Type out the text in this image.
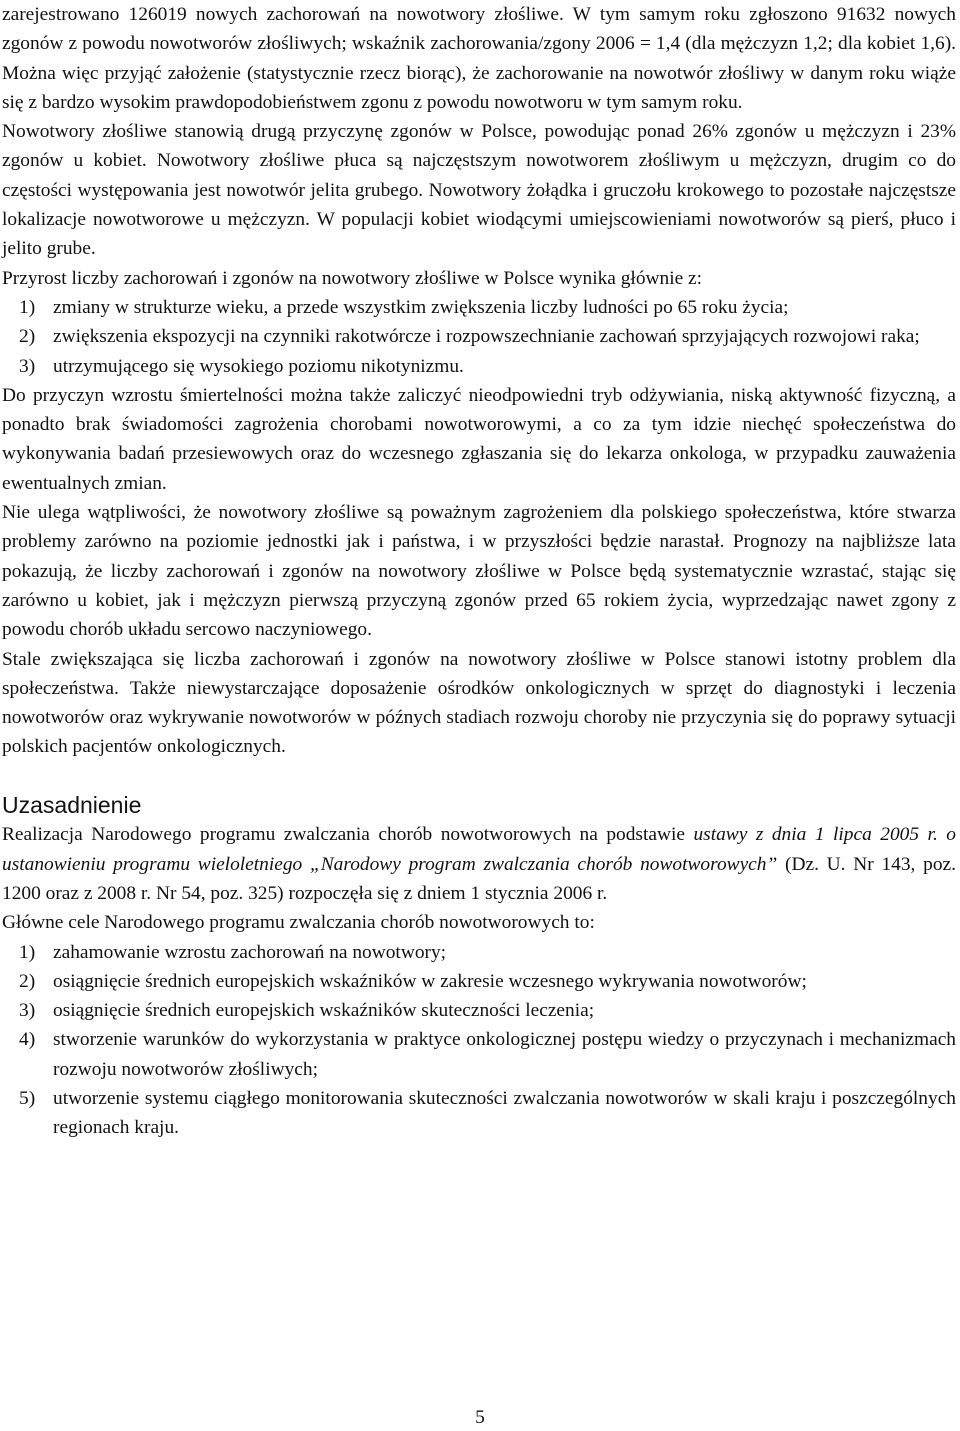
zarejestrowano 126019 nowych zachorowań na nowotwory złośliwe. W tym samym roku zgłoszono 91632 nowych zgonów z powodu nowotworów złośliwych; wskaźnik zachorowania/zgony 2006 = 1,4 (dla mężczyzn 1,2; dla kobiet 1,6). Można więc przyjąć założenie (statystycznie rzecz biorąc), że zachorowanie na nowotwór złośliwy w danym roku wiąże się z bardzo wysokim prawdopodobieństwem zgonu z powodu nowotworu w tym samym roku.

Nowotwory złośliwe stanowią drugą przyczynę zgonów w Polsce, powodując ponad 26% zgonów u mężczyzn i 23% zgonów u kobiet. Nowotwory złośliwe płuca są najczęstszym nowotworem złośliwym u mężczyzn, drugim co do częstości występowania jest nowotwór jelita grubego. Nowotwory żołądka i gruczołu krokowego to pozostałe najczęstsze lokalizacje nowotworowe u mężczyzn. W populacji kobiet wiodącymi umiejscowieniami nowotworów są pierś, płuco i jelito grube.

Przyrost liczby zachorowań i zgonów na nowotwory złośliwe w Polsce wynika głównie z:

1) zmiany w strukturze wieku, a przede wszystkim zwiększenia liczby ludności po 65 roku życia;
2) zwiększenia ekspozycji na czynniki rakotwórcze i rozpowszechnianie zachowań sprzyjających rozwojowi raka;
3) utrzymującego się wysokiego poziomu nikotynizmu.

Do przyczyn wzrostu śmiertelności można także zaliczyć nieodpowiedni tryb odżywiania, niską aktywność fizyczną, a ponadto brak świadomości zagrożenia chorobami nowotworowymi, a co za tym idzie niechęć społeczeństwa do wykonywania badań przesiewowych oraz do wczesnego zgłaszania się do lekarza onkologa, w przypadku zauważenia ewentualnych zmian.

Nie ulega wątpliwości, że nowotwory złośliwe są poważnym zagrożeniem dla polskiego społeczeństwa, które stwarza problemy zarówno na poziomie jednostki jak i państwa, i w przyszłości będzie narastał. Prognozy na najbliższe lata pokazują, że liczby zachorowań i zgonów na nowotwory złośliwe w Polsce będą systematycznie wzrastać, stając się zarówno u kobiet, jak i mężczyzn pierwszą przyczyną zgonów przed 65 rokiem życia, wyprzedzając nawet zgony z powodu chorób układu sercowo naczyniowego.

Stale zwiększająca się liczba zachorowań i zgonów na nowotwory złośliwe w Polsce stanowi istotny problem dla społeczeństwa. Także niewystarczające doposażenie ośrodków onkologicznych w sprzęt do diagnostyki i leczenia nowotworów oraz wykrywanie nowotworów w późnych stadiach rozwoju choroby nie przyczynia się do poprawy sytuacji polskich pacjentów onkologicznych.

Uzasadnienie

Realizacja Narodowego programu zwalczania chorób nowotworowych na podstawie ustawy z dnia 1 lipca 2005 r. o ustanowieniu programu wieloletniego „Narodowy program zwalczania chorób nowotworowych” (Dz. U. Nr 143, poz. 1200 oraz z 2008 r. Nr 54, poz. 325) rozpoczęła się z dniem 1 stycznia 2006 r.

Główne cele Narodowego programu zwalczania chorób nowotworowych to:

1) zahamowanie wzrostu zachorowań na nowotwory;
2) osiągnięcie średnich europejskich wskaźników w zakresie wczesnego wykrywania nowotworów;
3) osiągnięcie średnich europejskich wskaźników skuteczności leczenia;
4) stworzenie warunków do wykorzystania w praktyce onkologicznej postępu wiedzy o przyczynach i mechanizmach rozwoju nowotworów złośliwych;
5) utworzenie systemu ciągłego monitorowania skuteczności zwalczania nowotworów w skali kraju i poszczególnych regionach kraju.
5
